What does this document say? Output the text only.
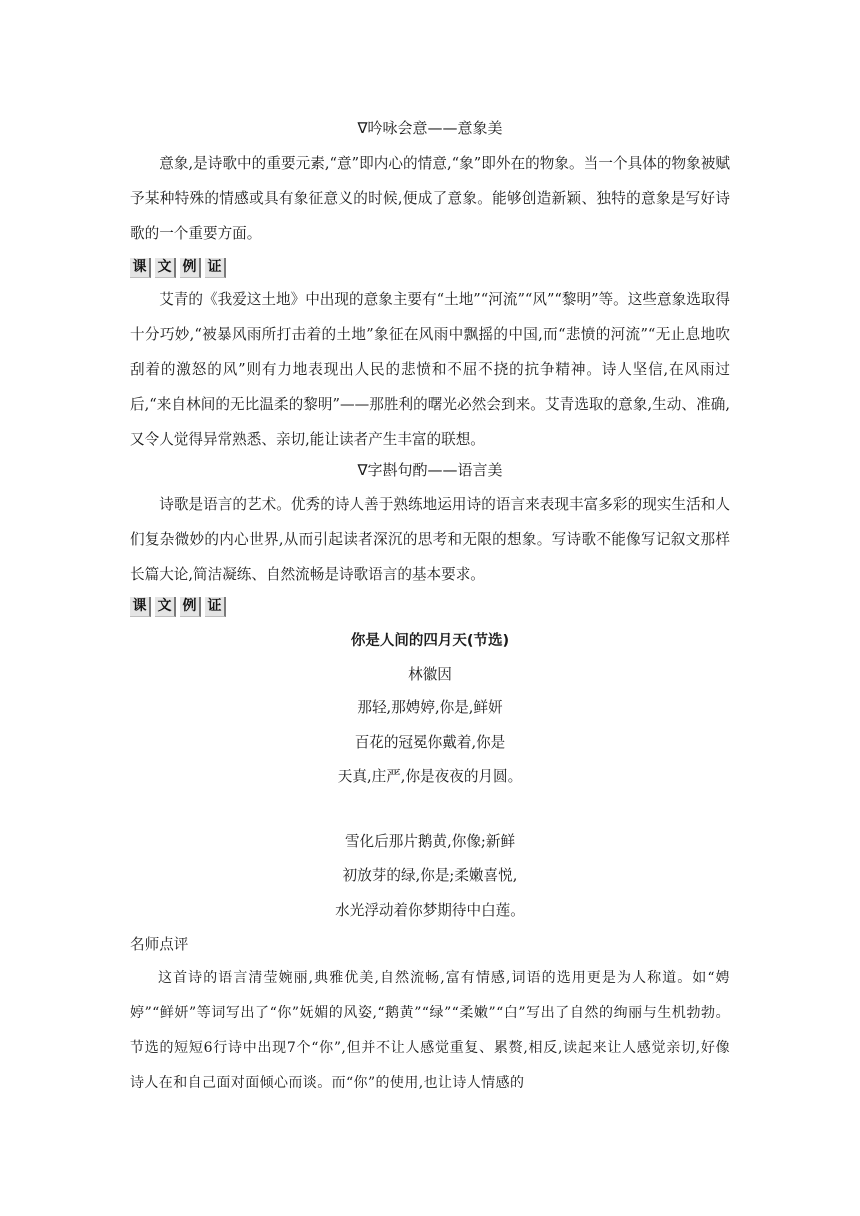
∇吟咏会意——意象美

意象,是诗歌中的重要元素,“意”即内心的情意,“象”即外在的物象。当一个具体的物象被赋予某种特殊的情感或具有象征意义的时候,便成了意象。能够创造新颖、独特的意象是写好诗歌的一个重要方面。

课 文 例 证

艾青的《我爱这土地》中出现的意象主要有“土地”“河流”“风”“黎明”等。这些意象选取得十分巧妙,“被暴风雨所打击着的土地”象征在风雨中飘摇的中国,而“悲愤的河流”“无止息地吹刮着的激怒的风”则有力地表现出人民的悲愤和不屈不挠的抗争精神。诗人坚信,在风雨过后,“来自林间的无比温柔的黎明”——那胜利的曙光必然会到来。艾青选取的意象,生动、准确,又令人觉得异常熟悉、亲切,能让读者产生丰富的联想。

∇字斟句酌——语言美

诗歌是语言的艺术。优秀的诗人善于熟练地运用诗的语言来表现丰富多彩的现实生活和人们复杂微妙的内心世界,从而引起读者深沉的思考和无限的想象。写诗歌不能像写记叙文那样长篇大论,简洁凝练、自然流畅是诗歌语言的基本要求。

课 文 例 证
你是人间的四月天(节选)
林徽因
那轻,那娉婷,你是,鲜妍
百花的冠冕你戴着,你是
天真,庄严,你是夜夜的月圆。
雪化后那片鹅黄,你像;新鲜
初放芽的绿,你是;柔嫩喜悦,
水光浮动着你梦期待中白莲。
名师点评

这首诗的语言清莹婉丽,典雅优美,自然流畅,富有情感,词语的选用更是为人称道。如“娉婷”“鲜妍”等词写出了“你”妩媚的风姿,“鹅黄”“绿”“柔嫩”“白”写出了自然的绚丽与生机勃勃。节选的短短6行诗中出现7个“你”,但并不让人感觉重复、累赘,相反,读起来让人感觉亲切,好像诗人在和自己面对面倾心而谈。而“你”的使用,也让诗人情感的
